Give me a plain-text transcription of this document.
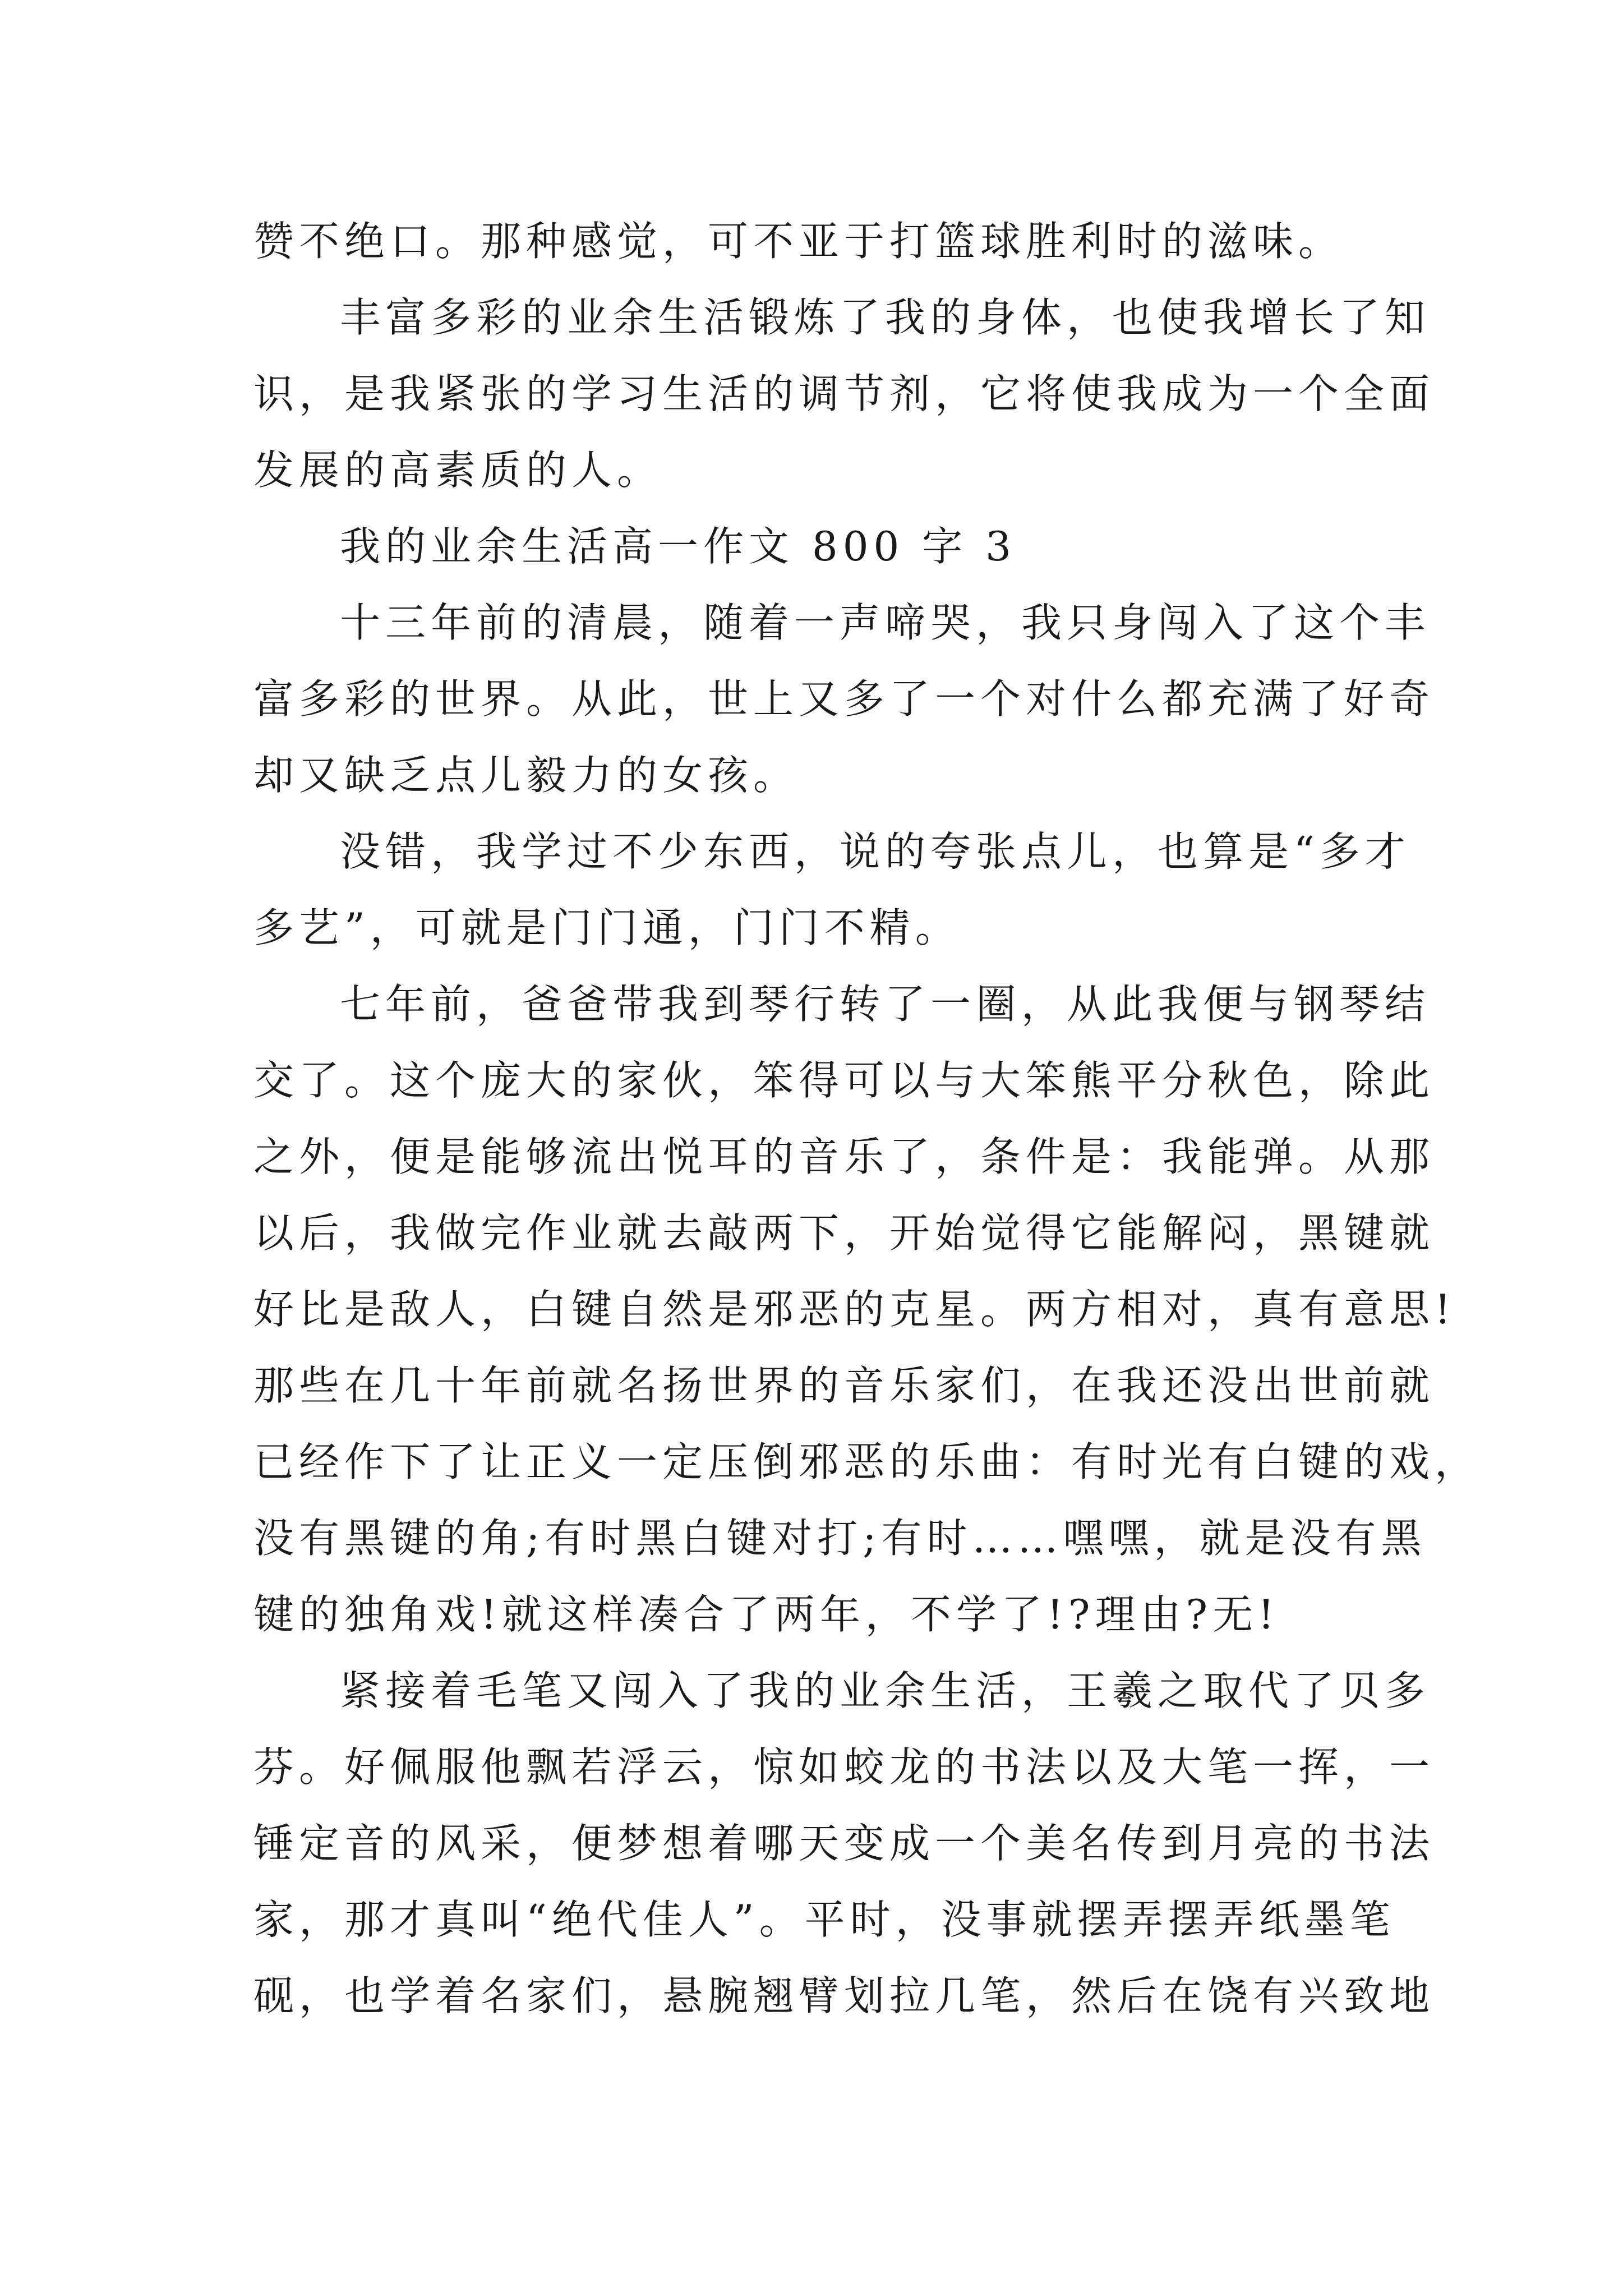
赞不绝口。那种感觉，可不亚于打篮球胜利时的滋味。

丰富多彩的业余生活锻炼了我的身体，也使我增长了知
识，是我紧张的学习生活的调节剂，它将使我成为一个全面
发展的高素质的人。

我的业余生活高一作文 800 字 3

十三年前的清晨，随着一声啼哭，我只身闯入了这个丰
富多彩的世界。从此，世上又多了一个对什么都充满了好奇
却又缺乏点儿毅力的女孩。

没错，我学过不少东西，说的夸张点儿，也算是“多才
多艺”，可就是门门通，门门不精。

七年前，爸爸带我到琴行转了一圈，从此我便与钢琴结
交了。这个庞大的家伙，笨得可以与大笨熊平分秋色，除此
之外，便是能够流出悦耳的音乐了，条件是：我能弹。从那
以后，我做完作业就去敲两下，开始觉得它能解闷，黑键就
好比是敌人，白键自然是邪恶的克星。两方相对，真有意思!
那些在几十年前就名扬世界的音乐家们，在我还没出世前就
已经作下了让正义一定压倒邪恶的乐曲：有时光有白键的戏，
没有黑键的角;有时黑白键对打;有时……嘿嘿，就是没有黑
键的独角戏!就这样凑合了两年，不学了!?理由?无!

紧接着毛笔又闯入了我的业余生活，王羲之取代了贝多
芬。好佩服他飘若浮云，惊如蛟龙的书法以及大笔一挥，一
锤定音的风采，便梦想着哪天变成一个美名传到月亮的书法
家，那才真叫“绝代佳人”。平时，没事就摆弄摆弄纸墨笔
砚，也学着名家们，悬腕翘臂划拉几笔，然后在饶有兴致地
